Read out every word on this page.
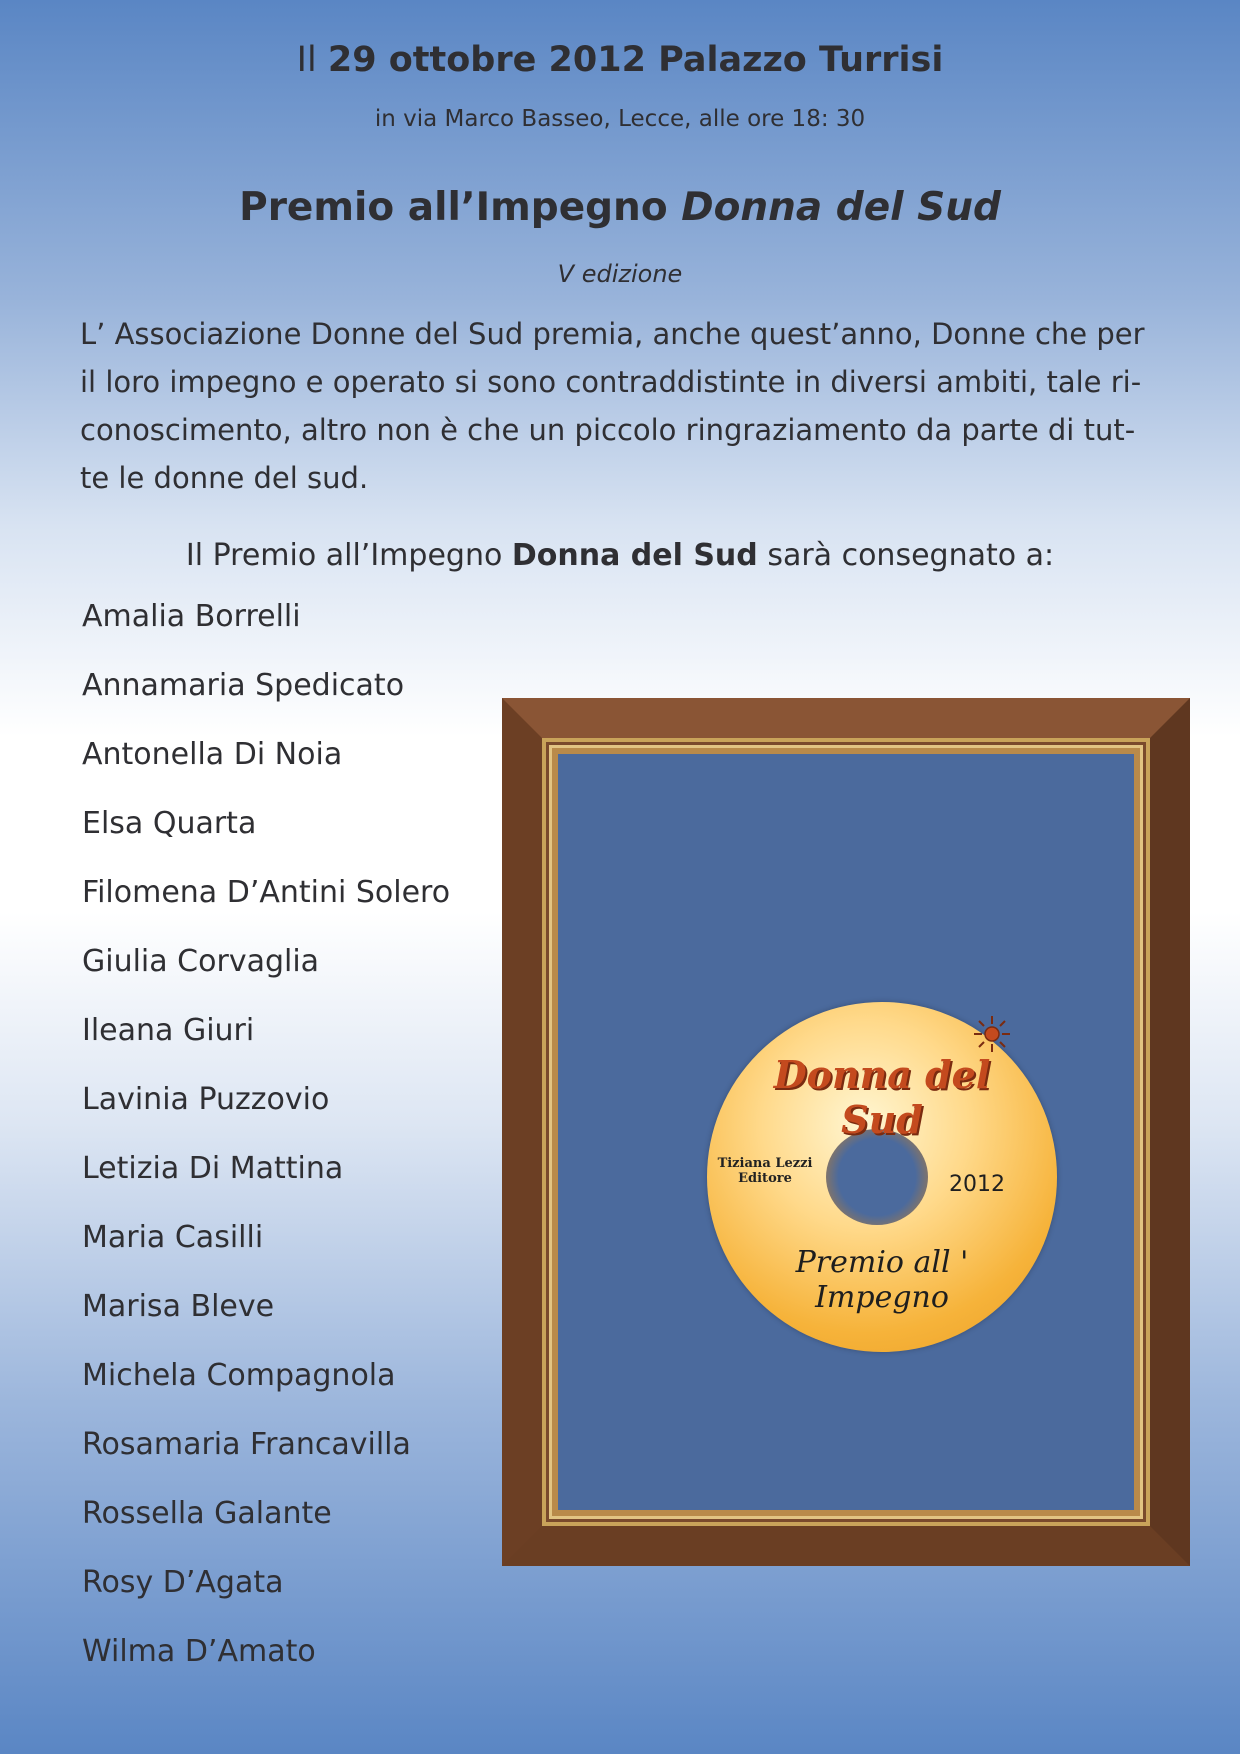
Il 29 ottobre 2012 Palazzo Turrisi
in via Marco Basseo, Lecce, alle ore 18: 30
Premio all’Impegno Donna del Sud
V edizione

L’ Associazione Donne del Sud premia, anche quest’anno, Donne che per
il loro impegno e operato si sono contraddistinte in diversi ambiti, tale ri-
conoscimento, altro non è che un piccolo ringraziamento da parte di tut-
te le donne del sud.

Il Premio all’Impegno Donna del Sud sarà consegnato a:
Amalia Borrelli
Annamaria Spedicato
Antonella Di Noia
Elsa Quarta
Filomena D’Antini Solero
Giulia Corvaglia
Ileana Giuri
Lavinia Puzzovio
Letizia Di Mattina
Maria Casilli
Marisa Bleve
Michela Compagnola
Rosamaria Francavilla
Rossella Galante
Rosy D’Agata
Wilma D’Amato
Donna del Sud
Tiziana Lezzi
Editore	2012
Premio all ' Impegno
